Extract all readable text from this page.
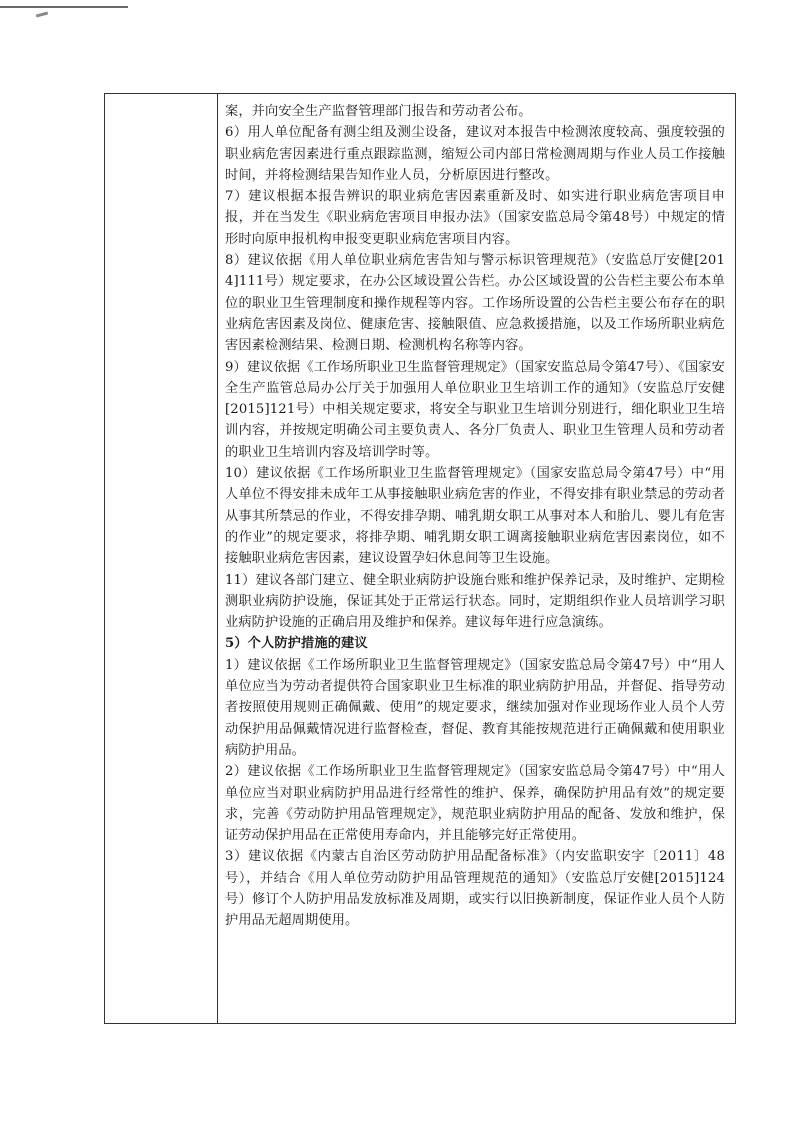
案，并向安全生产监督管理部门报告和劳动者公布。

6）用人单位配备有测尘组及测尘设备，建议对本报告中检测浓度较高、强度较强的职业病危害因素进行重点跟踪监测，缩短公司内部日常检测周期与作业人员工作接触时间，并将检测结果告知作业人员，分析原因进行整改。

7）建议根据本报告辨识的职业病危害因素重新及时、如实进行职业病危害项目申报，并在当发生《职业病危害项目申报办法》（国家安监总局令第48号）中规定的情形时向原申报机构申报变更职业病危害项目内容。

8）建议依据《用人单位职业病危害告知与警示标识管理规范》（安监总厅安健[2014]111号）规定要求，在办公区域设置公告栏。办公区域设置的公告栏主要公布本单位的职业卫生管理制度和操作规程等内容。工作场所设置的公告栏主要公布存在的职业病危害因素及岗位、健康危害、接触限值、应急救援措施，以及工作场所职业病危害因素检测结果、检测日期、检测机构名称等内容。

9）建议依据《工作场所职业卫生监督管理规定》（国家安监总局令第47号）、《国家安全生产监管总局办公厅关于加强用人单位职业卫生培训工作的通知》（安监总厅安健[2015]121号）中相关规定要求，将安全与职业卫生培训分别进行，细化职业卫生培训内容，并按规定明确公司主要负责人、各分厂负责人、职业卫生管理人员和劳动者的职业卫生培训内容及培训学时等。

10）建议依据《工作场所职业卫生监督管理规定》（国家安监总局令第47号）中“用人单位不得安排未成年工从事接触职业病危害的作业，不得安排有职业禁忌的劳动者从事其所禁忌的作业，不得安排孕期、哺乳期女职工从事对本人和胎儿、婴儿有危害的作业”的规定要求，将排孕期、哺乳期女职工调离接触职业病危害因素岗位，如不接触职业病危害因素，建议设置孕妇休息间等卫生设施。

11）建议各部门建立、健全职业病防护设施台账和维护保养记录，及时维护、定期检测职业病防护设施，保证其处于正常运行状态。同时，定期组织作业人员培训学习职业病防护设施的正确启用及维护和保养。建议每年进行应急演练。

5）个人防护措施的建议

1）建议依据《工作场所职业卫生监督管理规定》（国家安监总局令第47号）中“用人单位应当为劳动者提供符合国家职业卫生标准的职业病防护用品，并督促、指导劳动者按照使用规则正确佩戴、使用”的规定要求，继续加强对作业现场作业人员个人劳动保护用品佩戴情况进行监督检查，督促、教育其能按规范进行正确佩戴和使用职业病防护用品。

2）建议依据《工作场所职业卫生监督管理规定》（国家安监总局令第47号）中“用人单位应当对职业病防护用品进行经常性的维护、保养，确保防护用品有效”的规定要求，完善《劳动防护用品管理规定》，规范职业病防护用品的配备、发放和维护，保证劳动保护用品在正常使用寿命内，并且能够完好正常使用。

3）建议依据《内蒙古自治区劳动防护用品配备标准》（内安监职安字〔2011〕48号），并结合《用人单位劳动防护用品管理规范的通知》（安监总厅安健[2015]124号）修订个人防护用品发放标准及周期，或实行以旧换新制度，保证作业人员个人防护用品无超周期使用。
